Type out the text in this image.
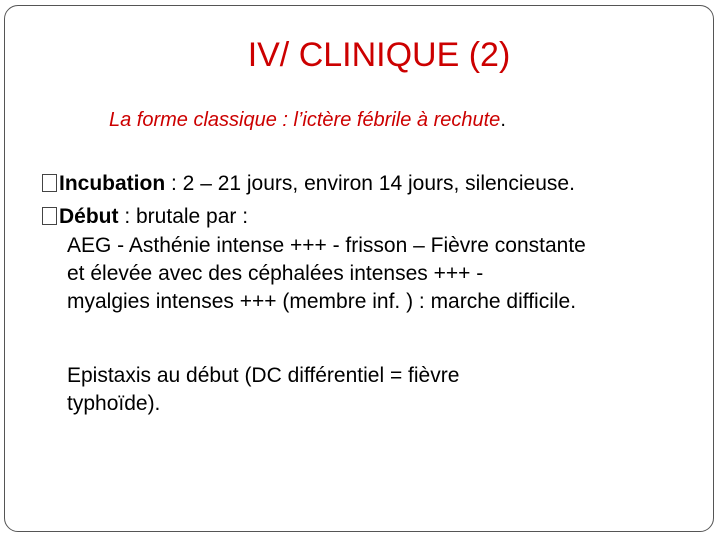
IV/ CLINIQUE (2)
La forme classique : l’ictère fébrile à rechute.
Incubation : 2 – 21 jours, environ 14 jours, silencieuse.
Début : brutale par :
AEG - Asthénie intense +++ - frisson – Fièvre constante
et élevée avec des céphalées intenses +++ -
myalgies intenses +++ (membre inf. ) : marche difficile.
Epistaxis au début (DC différentiel = fièvre
typhoïde).
